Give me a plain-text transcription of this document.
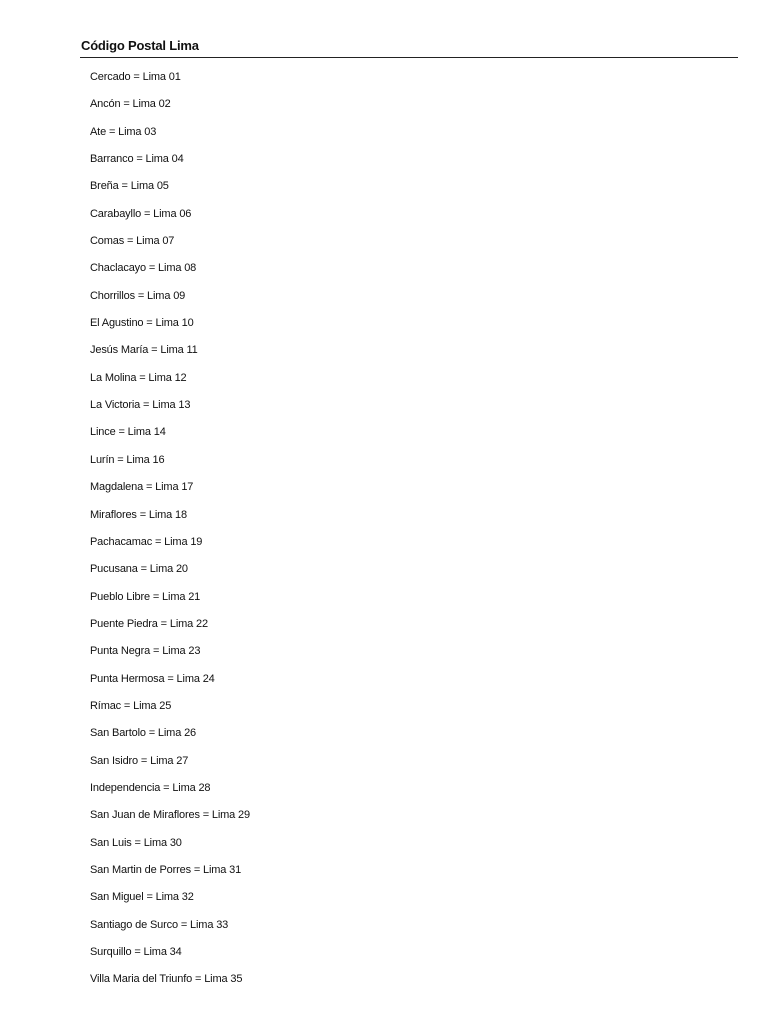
Código Postal Lima
Cercado = Lima 01
Ancón = Lima 02
Ate = Lima 03
Barranco = Lima 04
Breña = Lima 05
Carabayllo = Lima 06
Comas = Lima 07
Chaclacayo = Lima 08
Chorrillos = Lima 09
El Agustino = Lima 10
Jesús María = Lima 11
La Molina = Lima 12
La Victoria = Lima 13
Lince = Lima 14
Lurín = Lima 16
Magdalena = Lima 17
Miraflores = Lima 18
Pachacamac = Lima 19
Pucusana = Lima 20
Pueblo Libre = Lima 21
Puente Piedra = Lima 22
Punta Negra = Lima 23
Punta Hermosa = Lima 24
Rímac = Lima 25
San Bartolo = Lima 26
San Isidro = Lima 27
Independencia = Lima 28
San Juan de Miraflores = Lima 29
San Luis = Lima 30
San Martin de Porres = Lima 31
San Miguel = Lima 32
Santiago de Surco = Lima 33
Surquillo = Lima 34
Villa Maria del Triunfo = Lima 35
